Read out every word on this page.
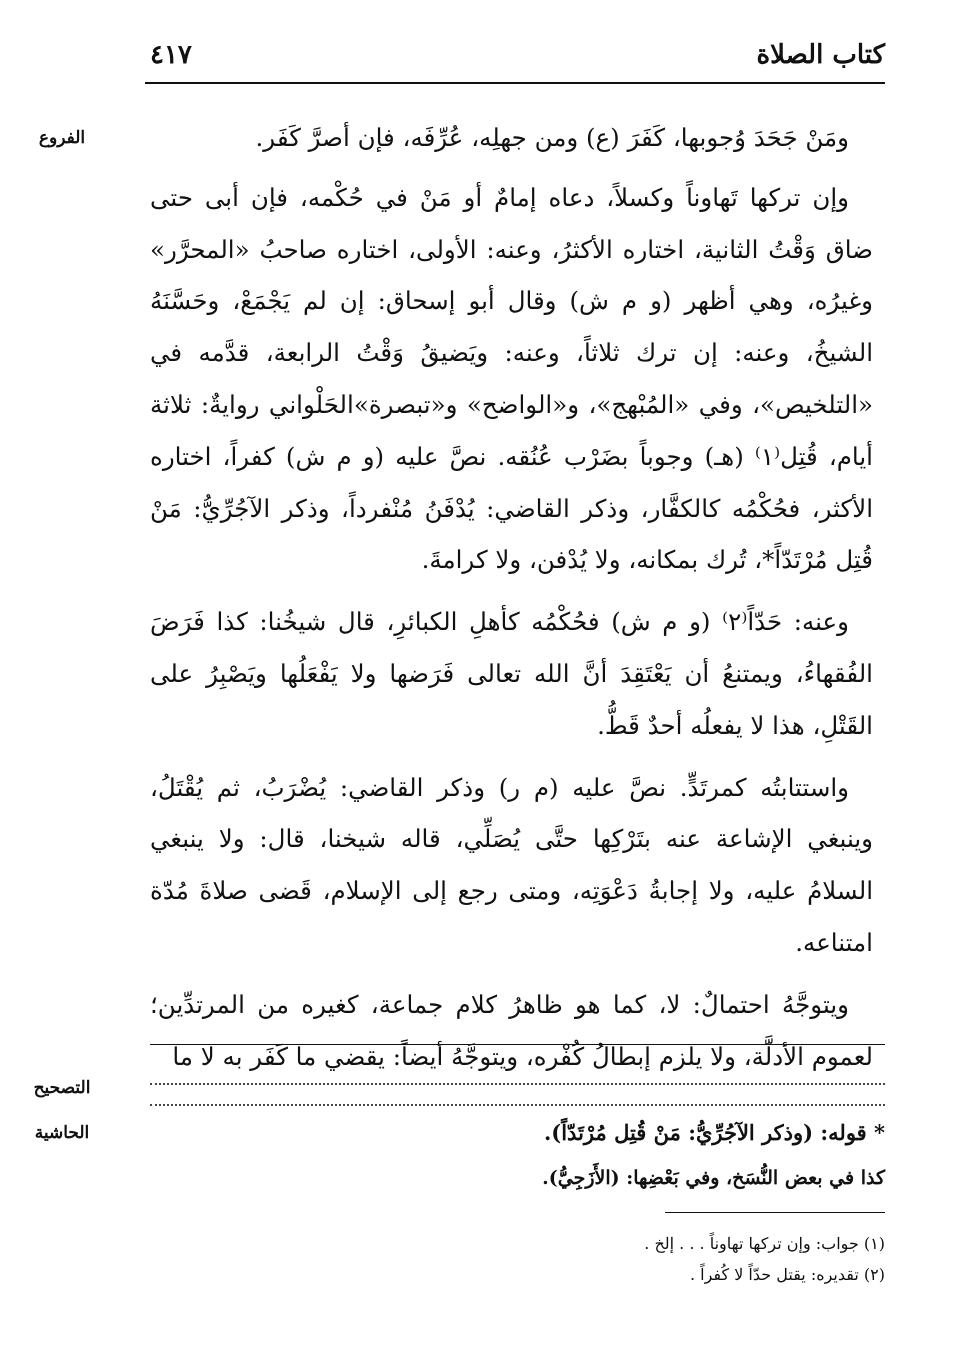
كتاب الصلاة
٤١٧
الفروع	ومَنْ جَحَدَ وُجوبها، كَفَرَ (ع) ومن جهلِه، عُرِّفَه، فإن أصرَّ كَفَر.

وإن تركها تَهاوناً وكسلاً، دعاه إمامٌ أو مَنْ في حُكْمه، فإن أبى حتى ضاق وَقْتُ الثانية، اختاره الأكثرُ، وعنه: الأولى، اختاره صاحبُ «المحرَّر» وغيرُه، وهي أظهر (و م ش) وقال أبو إسحاق: إن لم يَجْمَعْ، وحَسَّنَهُ الشيخُ، وعنه: إن ترك ثلاثاً، وعنه: ويَضيقُ وَقْتُ الرابعة، قدَّمه في «التلخيص»، وفي «المُبْهج»، و«الواضح» و«تبصرة»الحَلْواني روايةٌ: ثلاثة أيام، قُتِل⁽١⁾ (هـ) وجوباً بضَرْب عُنُقه. نصَّ عليه (و م ش) كفراً، اختاره الأكثر، فحُكْمُه كالكفَّار، وذكر القاضي: يُدْفَنُ مُنْفرداً، وذكر الآجُرِّيُّ: مَنْ قُتِل مُرْتَدّاً*، تُرك بمكانه، ولا يُدْفن، ولا كرامةَ.

وعنه: حَدّاً⁽٢⁾ (و م ش) فحُكْمُه كأهلِ الكبائرِ، قال شيخُنا: كذا فَرَضَ الفُقهاءُ، ويمتنعُ أن يَعْتَقِدَ أنَّ الله تعالى فَرَضها ولا يَفْعَلُها ويَصْبِرُ على القَتْلِ، هذا لا يفعلُه أحدٌ قَطُّ.

واستتابتُه كمرتَدٍّ. نصَّ عليه (م ر) وذكر القاضي: يُضْرَبُ، ثم يُقْتَلُ، وينبغي الإشاعة عنه بتَرْكِها حتَّى يُصَلِّي، قاله شيخنا، قال: ولا ينبغي السلامُ عليه، ولا إجابةُ دَعْوَتِه، ومتى رجع إلى الإسلام، قَضى صلاةَ مُدّة امتناعه.

ويتوجَّهُ احتمالٌ: لا، كما هو ظاهرُ كلام جماعة، كغيره من المرتدِّين؛ لعموم الأدلَّة، ولا يلزم إبطالُ كُفْره، ويتوجَّهُ أيضاً: يقضي ما كَفَر به لا ما

التصحيح
الحاشية	* قوله: (وذكر الآجُرِّيُّ: مَنْ قُتِل مُرْتَدّاً).
كذا في بعض النُّسَخ، وفي بَعْضِها: (الأَزَجِيُّ).
(١) جواب: وإن تركها تهاوناً . . . إلخ .
(٢) تقديره: يقتل حدّاً لا كُفراً .
